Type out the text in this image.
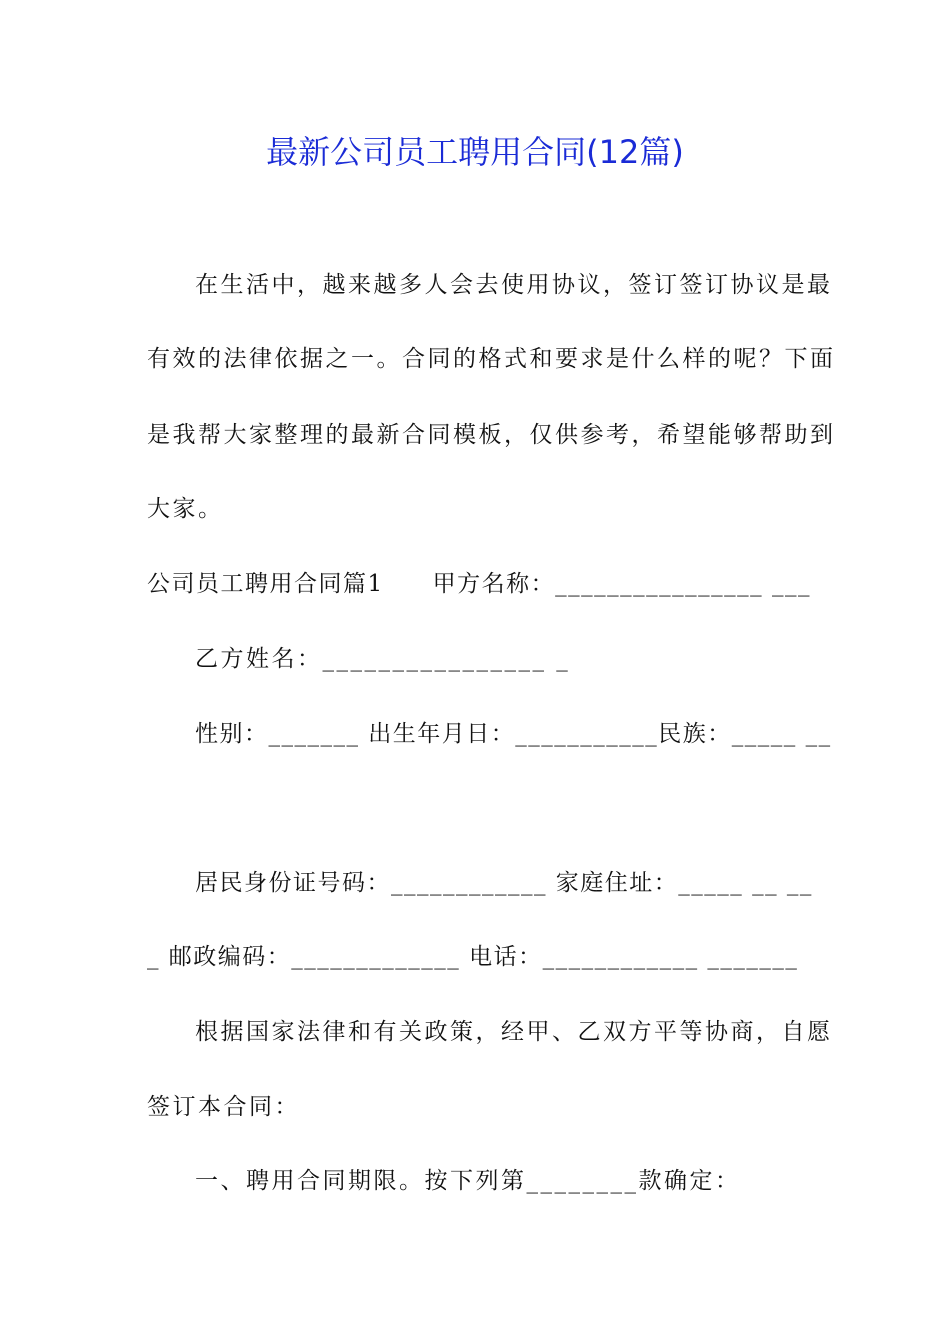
最新公司员工聘用合同(12篇)
在生活中，越来越多人会去使用协议，签订签订协议是最
有效的法律依据之一。合同的格式和要求是什么样的呢？下面
是我帮大家整理的最新合同模板，仅供参考，希望能够帮助到
大家。
公司员工聘用合同篇1　　甲方名称：________________ ___
乙方姓名：________________ _
性别：_______ 出生年月日：___________民族：_____ __
居民身份证号码：____________ 家庭住址：_____ __ __
_ 邮政编码：_____________ 电话：____________ _______
根据国家法律和有关政策，经甲、乙双方平等协商，自愿
签订本合同：
一、聘用合同期限。按下列第________款确定：
